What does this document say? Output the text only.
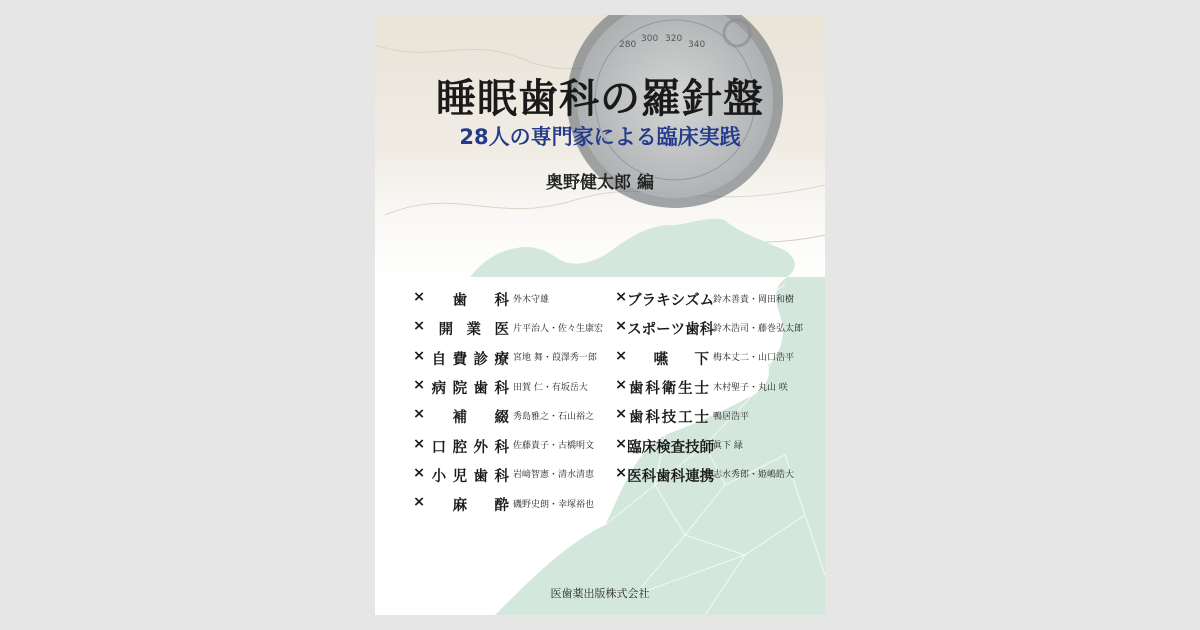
280
300 320
340
睡眠歯科の羅針盤
28人の専門家による臨床実践
奥野健太郎 編
× 歯 科 外木守雄
× 開 業 医 片平治人・佐々生康宏
× 自 費 診 療 宮地 舞・葭澤秀一郎
× 病 院 歯 科 田賀 仁・有坂岳大
× 補 綴 秀島雅之・石山裕之
× 口 腔 外 科 佐藤貴子・古橋明文
× 小 児 歯 科 岩﨑智憲・清水清恵
× 麻 酔 磯野史朗・幸塚裕也
× ブ ラ キ シ ズ ム
鈴木善貴・岡田和樹
× ス ポ ー ツ 歯 科
鈴木浩司・藤巻弘太郎
× 嚥 下 梅本丈二・山口浩平
× 歯 科 衛 生 士 木村聖子・丸山 咲
× 歯 科 技 工 士 鴨居浩平
× 臨 床 検 査 技 師
眞下 緑
× 医 科 歯 科 連 携
志水秀郎・姫嶋皓大
医歯薬出版株式会社
